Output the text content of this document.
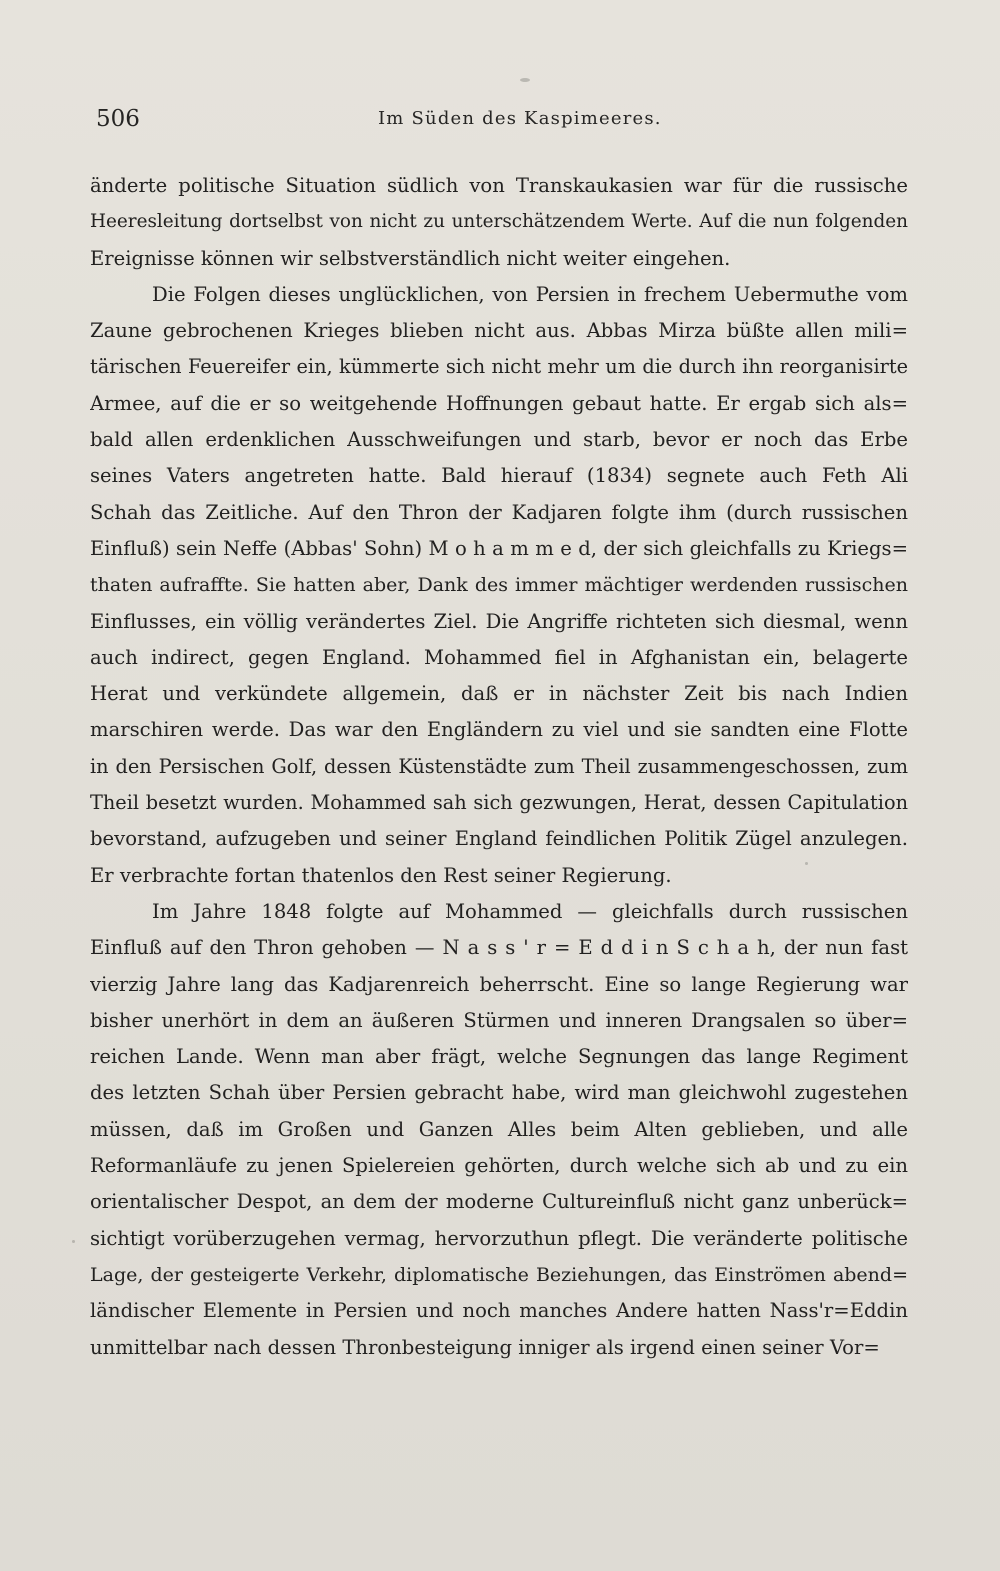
506	Im Süden des Kaspimeeres.
änderte politische Situation südlich von Transkaukasien war für die russische
Heeresleitung dortselbst von nicht zu unterschätzendem Werte. Auf die nun folgenden
Ereignisse können wir selbstverständlich nicht weiter eingehen.
Die Folgen dieses unglücklichen, von Persien in frechem Uebermuthe vom
Zaune gebrochenen Krieges blieben nicht aus. Abbas Mirza büßte allen mili=
tärischen Feuereifer ein, kümmerte sich nicht mehr um die durch ihn reorganisirte
Armee, auf die er so weitgehende Hoffnungen gebaut hatte. Er ergab sich als=
bald allen erdenklichen Ausschweifungen und starb, bevor er noch das Erbe
seines Vaters angetreten hatte. Bald hierauf (1834) segnete auch Feth Ali
Schah das Zeitliche. Auf den Thron der Kadjaren folgte ihm (durch russischen
Einfluß) sein Neffe (Abbas' Sohn) M o h a m m e d, der sich gleichfalls zu Kriegs=
thaten aufraffte. Sie hatten aber, Dank des immer mächtiger werdenden russischen
Einflusses, ein völlig verändertes Ziel. Die Angriffe richteten sich diesmal, wenn
auch indirect, gegen England. Mohammed fiel in Afghanistan ein, belagerte
Herat und verkündete allgemein, daß er in nächster Zeit bis nach Indien
marschiren werde. Das war den Engländern zu viel und sie sandten eine Flotte
in den Persischen Golf, dessen Küstenstädte zum Theil zusammengeschossen, zum
Theil besetzt wurden. Mohammed sah sich gezwungen, Herat, dessen Capitulation
bevorstand, aufzugeben und seiner England feindlichen Politik Zügel anzulegen.
Er verbrachte fortan thatenlos den Rest seiner Regierung.
Im Jahre 1848 folgte auf Mohammed — gleichfalls durch russischen
Einfluß auf den Thron gehoben — N a s s ' r = E d d i n S c h a h, der nun fast
vierzig Jahre lang das Kadjarenreich beherrscht. Eine so lange Regierung war
bisher unerhört in dem an äußeren Stürmen und inneren Drangsalen so über=
reichen Lande. Wenn man aber frägt, welche Segnungen das lange Regiment
des letzten Schah über Persien gebracht habe, wird man gleichwohl zugestehen
müssen, daß im Großen und Ganzen Alles beim Alten geblieben, und alle
Reformanläufe zu jenen Spielereien gehörten, durch welche sich ab und zu ein
orientalischer Despot, an dem der moderne Cultureinfluß nicht ganz unberück=
sichtigt vorüberzugehen vermag, hervorzuthun pflegt. Die veränderte politische
Lage, der gesteigerte Verkehr, diplomatische Beziehungen, das Einströmen abend=
ländischer Elemente in Persien und noch manches Andere hatten Nass'r=Eddin
unmittelbar nach dessen Thronbesteigung inniger als irgend einen seiner Vor=
